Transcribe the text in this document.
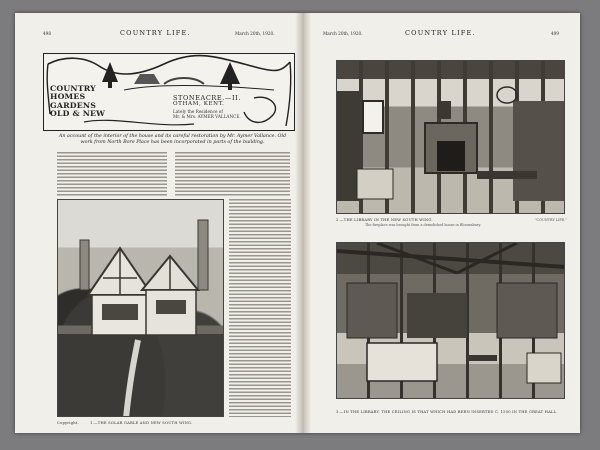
498	COUNTRY LIFE.	March 20th, 1920.
COUNTRY
HOMES
GARDENS
OLD & NEW
STONEACRE.—II.
OTHAM, KENT.
Lately the Residence of
Mr. & Mrs. AYMER VALLANCE.
An account of the interior of the house and its careful restoration by Mr. Aymer Vallance. Old work from North Bore Place has been incorporated in parts of the building.
Copyright.	1.—THE SOLAR GABLE AND NEW SOUTH WING.
March 20th, 1920.	COUNTRY LIFE.	499
2.—THE LIBRARY IN THE NEW SOUTH WING.
The fireplace was brought from a demolished house in Bloomsbury.
"COUNTRY LIFE."
3.—IN THE LIBRARY. THE CEILING IS THAT WHICH HAD BEEN INSERTED C. 1550 IN THE GREAT HALL.
